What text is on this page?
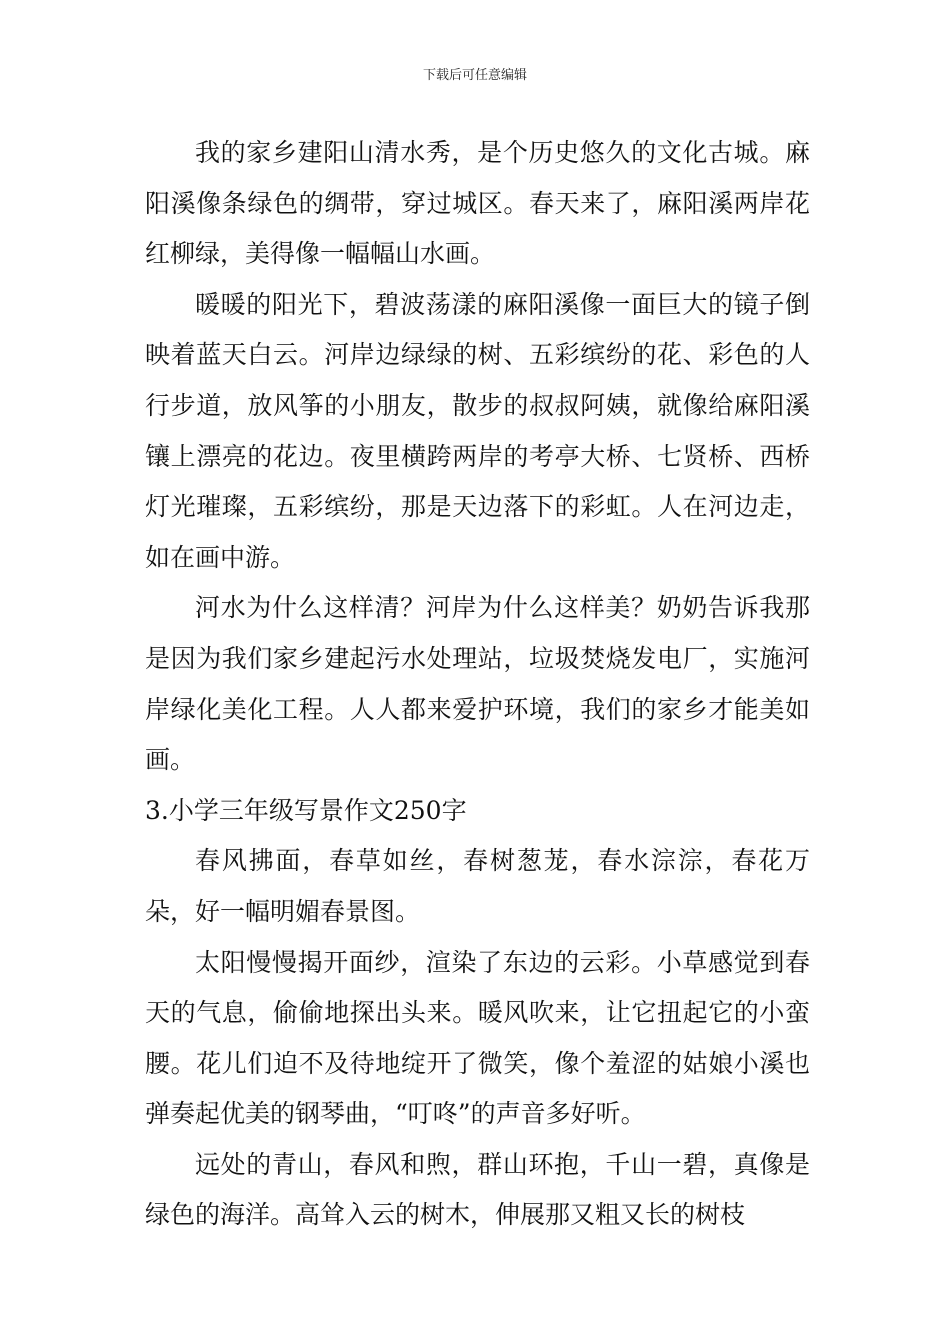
下载后可任意编辑

我的家乡建阳山清水秀，是个历史悠久的文化古城。麻阳溪像条绿色的绸带，穿过城区。春天来了，麻阳溪两岸花红柳绿，美得像一幅幅山水画。

暖暖的阳光下，碧波荡漾的麻阳溪像一面巨大的镜子倒映着蓝天白云。河岸边绿绿的树、五彩缤纷的花、彩色的人行步道，放风筝的小朋友，散步的叔叔阿姨，就像给麻阳溪镶上漂亮的花边。夜里横跨两岸的考亭大桥、七贤桥、西桥灯光璀璨，五彩缤纷，那是天边落下的彩虹。人在河边走，如在画中游。

河水为什么这样清？河岸为什么这样美？奶奶告诉我那是因为我们家乡建起污水处理站，垃圾焚烧发电厂，实施河岸绿化美化工程。人人都来爱护环境，我们的家乡才能美如画。

3.小学三年级写景作文250字

春风拂面，春草如丝，春树葱茏，春水淙淙，春花万朵，好一幅明媚春景图。

太阳慢慢揭开面纱，渲染了东边的云彩。小草感觉到春天的气息，偷偷地探出头来。暖风吹来，让它扭起它的小蛮腰。花儿们迫不及待地绽开了微笑，像个羞涩的姑娘小溪也弹奏起优美的钢琴曲，“叮咚”的声音多好听。

远处的青山，春风和煦，群山环抱，千山一碧，真像是绿色的海洋。高耸入云的树木，伸展那又粗又长的树枝
